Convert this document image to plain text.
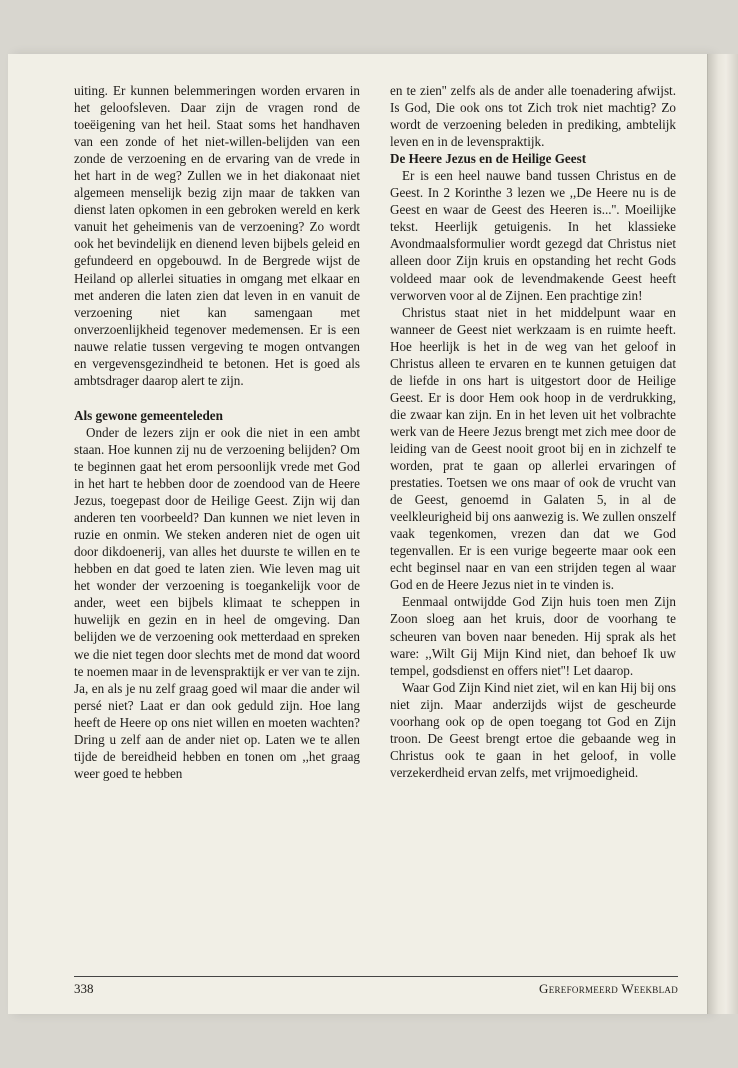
uiting. Er kunnen belemmeringen worden ervaren in het geloofsleven. Daar zijn de vragen rond de toeëigening van het heil. Staat soms het handhaven van een zonde of het niet-willen-belijden van een zonde de verzoening en de ervaring van de vrede in het hart in de weg? Zullen we in het diakonaat niet algemeen menselijk bezig zijn maar de takken van dienst laten opkomen in een gebroken wereld en kerk vanuit het geheimenis van de verzoening? Zo wordt ook het bevindelijk en dienend leven bijbels geleid en gefundeerd en opgebouwd. In de Bergrede wijst de Heiland op allerlei situaties in omgang met elkaar en met anderen die laten zien dat leven in en vanuit de verzoening niet kan samengaan met onverzoenlijkheid tegenover medemensen. Er is een nauwe relatie tussen vergeving te mogen ontvangen en vergevensgezindheid te betonen. Het is goed als ambtsdrager daarop alert te zijn.

Als gewone gemeenteleden

Onder de lezers zijn er ook die niet in een ambt staan. Hoe kunnen zij nu de verzoening belijden? Om te beginnen gaat het erom persoonlijk vrede met God in het hart te hebben door de zoendood van de Heere Jezus, toegepast door de Heilige Geest. Zijn wij dan anderen ten voorbeeld? Dan kunnen we niet leven in ruzie en onmin. We steken anderen niet de ogen uit door dikdoenerij, van alles het duurste te willen en te hebben en dat goed te laten zien. Wie leven mag uit het wonder der verzoening is toegankelijk voor de ander, weet een bijbels klimaat te scheppen in huwelijk en gezin en in heel de omgeving. Dan belijden we de verzoening ook metterdaad en spreken we die niet tegen door slechts met de mond dat woord te noemen maar in de levenspraktijk er ver van te zijn. Ja, en als je nu zelf graag goed wil maar die ander wil persé niet? Laat er dan ook geduld zijn. Hoe lang heeft de Heere op ons niet willen en moeten wachten? Dring u zelf aan de ander niet op. Laten we te allen tijde de bereidheid hebben en tonen om ,,het graag weer goed te hebben

en te zien'' zelfs als de ander alle toenadering afwijst. Is God, Die ook ons tot Zich trok niet machtig? Zo wordt de verzoening beleden in prediking, ambtelijk leven en in de levenspraktijk.

De Heere Jezus en de Heilige Geest

Er is een heel nauwe band tussen Christus en de Geest. In 2 Korinthe 3 lezen we ,,De Heere nu is de Geest en waar de Geest des Heeren is...''. Moeilijke tekst. Heerlijk getuigenis. In het klassieke Avondmaalsformulier wordt gezegd dat Christus niet alleen door Zijn kruis en opstanding het recht Gods voldeed maar ook de levendmakende Geest heeft verworven voor al de Zijnen. Een prachtige zin!

Christus staat niet in het middelpunt waar en wanneer de Geest niet werkzaam is en ruimte heeft. Hoe heerlijk is het in de weg van het geloof in Christus alleen te ervaren en te kunnen getuigen dat de liefde in ons hart is uitgestort door de Heilige Geest. Er is door Hem ook hoop in de verdrukking, die zwaar kan zijn. En in het leven uit het volbrachte werk van de Heere Jezus brengt met zich mee door de leiding van de Geest nooit groot bij en in zichzelf te worden, prat te gaan op allerlei ervaringen of prestaties. Toetsen we ons maar of ook de vrucht van de Geest, genoemd in Galaten 5, in al de veelkleurigheid bij ons aanwezig is. We zullen onszelf vaak tegenkomen, vrezen dan dat we God tegenvallen. Er is een vurige begeerte maar ook een echt beginsel naar en van een strijden tegen al waar God en de Heere Jezus niet in te vinden is.

Eenmaal ontwijdde God Zijn huis toen men Zijn Zoon sloeg aan het kruis, door de voorhang te scheuren van boven naar beneden. Hij sprak als het ware: ,,Wilt Gij Mijn Kind niet, dan behoef Ik uw tempel, godsdienst en offers niet''! Let daarop.

Waar God Zijn Kind niet ziet, wil en kan Hij bij ons niet zijn. Maar anderzijds wijst de gescheurde voorhang ook op de open toegang tot God en Zijn troon. De Geest brengt ertoe die gebaande weg in Christus ook te gaan in het geloof, in volle verzekerdheid ervan zelfs, met vrijmoedigheid.

338	Gereformeerd Weekblad
